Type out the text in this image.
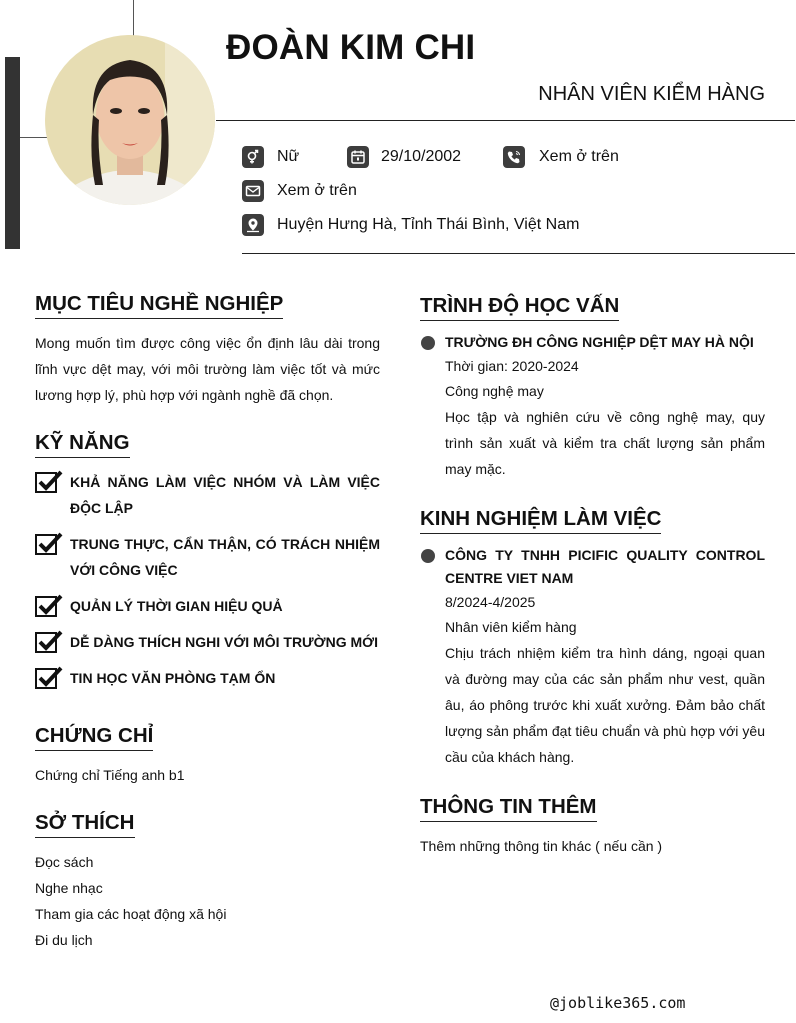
ĐOÀN KIM CHI
NHÂN VIÊN KIỂM HÀNG
Nữ	29/10/2002	Xem ở trên
Xem ở trên
Huyện Hưng Hà, Tỉnh Thái Bình, Việt Nam
MỤC TIÊU NGHỀ NGHIỆP
Mong muốn tìm được công việc ổn định lâu dài trong lĩnh vực dệt may, với môi trường làm việc tốt và mức lương hợp lý, phù hợp với ngành nghề đã chọn.
KỸ NĂNG
KHẢ NĂNG LÀM VIỆC NHÓM VÀ LÀM VIỆC ĐỘC LẬP
TRUNG THỰC, CẨN THẬN, CÓ TRÁCH NHIỆM VỚI CÔNG VIỆC
QUẢN LÝ THỜI GIAN HIỆU QUẢ
DỄ DÀNG THÍCH NGHI VỚI MÔI TRƯỜNG MỚI
TIN HỌC VĂN PHÒNG TẠM ỔN
CHỨNG CHỈ
Chứng chỉ Tiếng anh b1
SỞ THÍCH
Đọc sách
Nghe nhạc
Tham gia các hoạt động xã hội
Đi du lịch
TRÌNH ĐỘ HỌC VẤN
TRƯỜNG ĐH CÔNG NGHIỆP DỆT MAY HÀ NỘI
Thời gian: 2020-2024
Công nghệ may
Học tập và nghiên cứu về công nghệ may, quy trình sản xuất và kiểm tra chất lượng sản phẩm may mặc.
KINH NGHIỆM LÀM VIỆC
CÔNG TY TNHH PICIFIC QUALITY CONTROL CENTRE VIET NAM
8/2024-4/2025
Nhân viên kiểm hàng
Chịu trách nhiệm kiểm tra hình dáng, ngoại quan và đường may của các sản phẩm như vest, quần âu, áo phông trước khi xuất xưởng. Đảm bảo chất lượng sản phẩm đạt tiêu chuẩn và phù hợp với yêu cầu của khách hàng.
THÔNG TIN THÊM
Thêm những thông tin khác ( nếu cần )
@joblike365.com
